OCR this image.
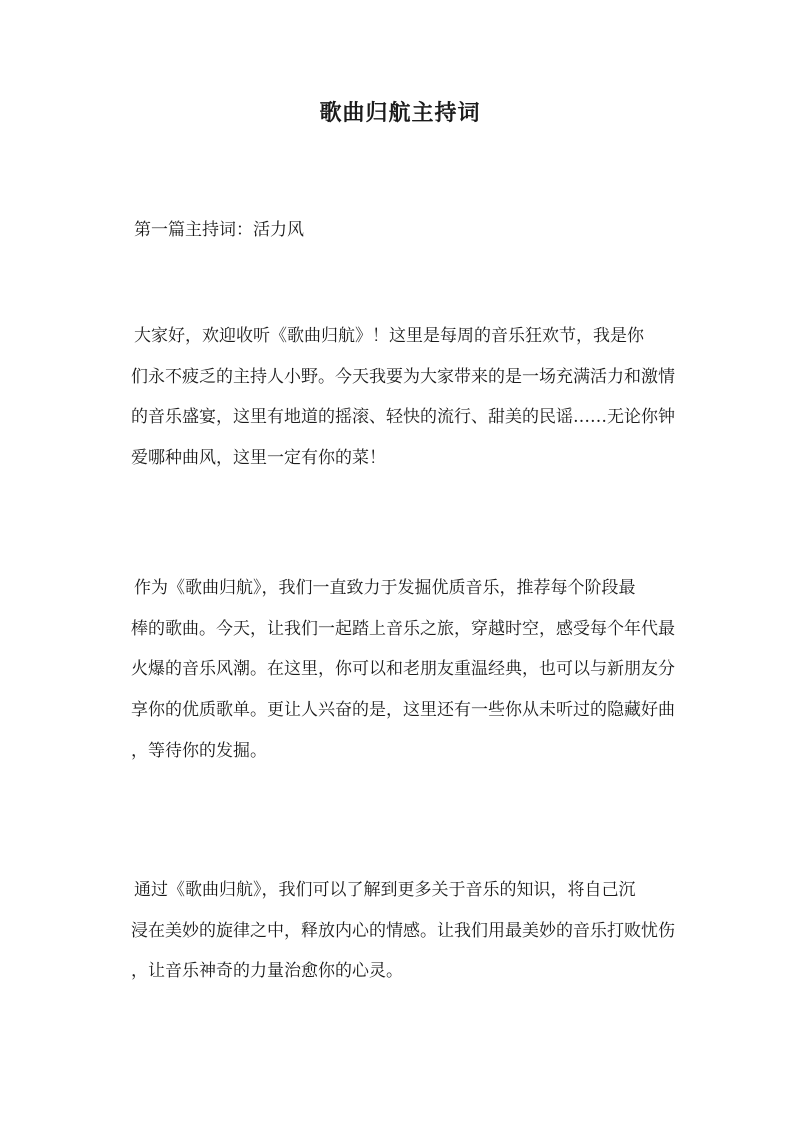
歌曲归航主持词
第一篇主持词：活力风

大家好，欢迎收听《歌曲归航》！这里是每周的音乐狂欢节，我是你
们永不疲乏的主持人小野。今天我要为大家带来的是一场充满活力和激情
的音乐盛宴，这里有地道的摇滚、轻快的流行、甜美的民谣……无论你钟
爱哪种曲风，这里一定有你的菜！

作为《歌曲归航》，我们一直致力于发掘优质音乐，推荐每个阶段最
棒的歌曲。今天，让我们一起踏上音乐之旅，穿越时空，感受每个年代最
火爆的音乐风潮。在这里，你可以和老朋友重温经典，也可以与新朋友分
享你的优质歌单。更让人兴奋的是，这里还有一些你从未听过的隐藏好曲
，等待你的发掘。

通过《歌曲归航》，我们可以了解到更多关于音乐的知识，将自己沉
浸在美妙的旋律之中，释放内心的情感。让我们用最美妙的音乐打败忧伤
，让音乐神奇的力量治愈你的心灵。
